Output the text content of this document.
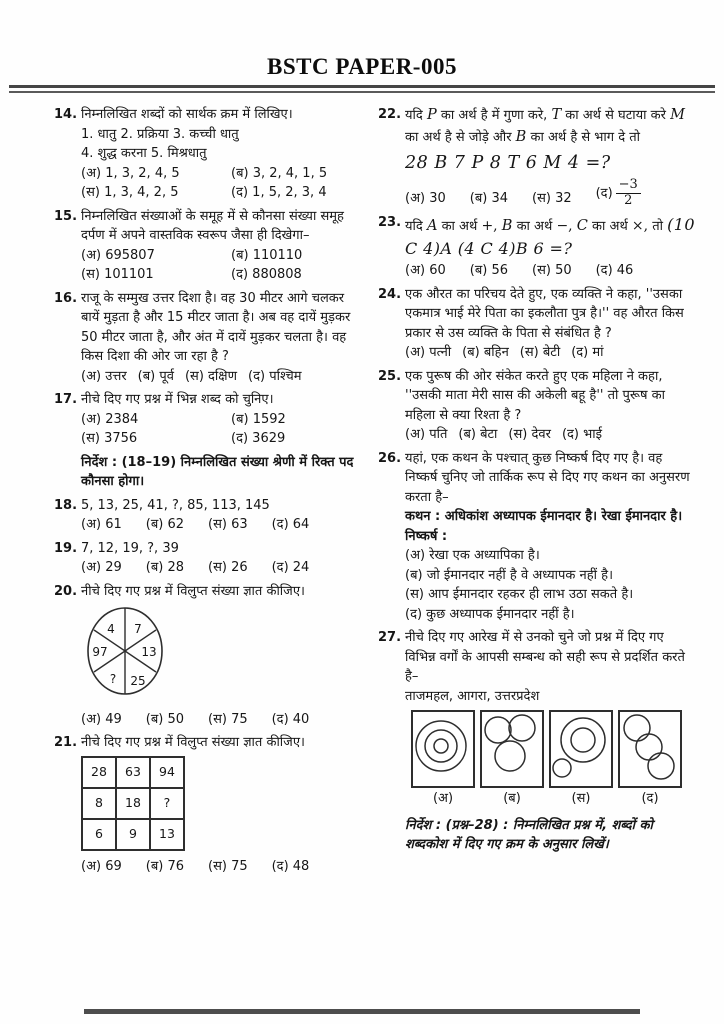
BSTC PAPER-005
14. निम्नलिखित शब्दों को सार्थक क्रम में लिखिए।
1. धातु 2. प्रक्रिया 3. कच्ची धातु
4. शुद्ध करना 5. मिश्रधातु
(अ) 1, 3, 2, 4, 5	(ब) 3, 2, 4, 1, 5
(स) 1, 3, 4, 2, 5	(द) 1, 5, 2, 3, 4
15. निम्नलिखित संख्याओं के समूह में से कौनसा संख्या समूह दर्पण में अपने वास्तविक स्वरूप जैसा ही दिखेगा–
(अ) 695807	(ब) 110110
(स) 101101	(द) 880808
16. राजू के सम्मुख उत्तर दिशा है। वह 30 मीटर आगे चलकर बायें मुड़ता है और 15 मीटर जाता है। अब वह दायें मुड़कर 50 मीटर जाता है, और अंत में दायें मुड़कर चलता है। वह किस दिशा की ओर जा रहा है ?
(अ) उत्तर (ब) पूर्व (स) दक्षिण (द) पश्चिम
17. नीचे दिए गए प्रश्न में भिन्न शब्द को चुनिए।
(अ) 2384	(ब) 1592
(स) 3756	(द) 3629
निर्देश : (18–19) निम्नलिखित संख्या श्रेणी में रिक्त पद कौनसा होगा।
18. 5, 13, 25, 41, ?, 85, 113, 145
(अ) 61 (ब) 62 (स) 63 (द) 64
19. 7, 12, 19, ?, 39
(अ) 29 (ब) 28 (स) 26 (द) 24
20. नीचे दिए गए प्रश्न में विलुप्त संख्या ज्ञात कीजिए।
4 7
97	13
? 25
(अ) 49 (ब) 50 (स) 75 (द) 40
21. नीचे दिए गए प्रश्न में विलुप्त संख्या ज्ञात कीजिए।
28	63	94
8	18	?
6	9	13
(अ) 69 (ब) 76 (स) 75 (द) 48
22. यदि P का अर्थ है में गुणा करे, T का अर्थ से घटाया करे M का अर्थ है से जोड़े और B का अर्थ है से भाग दे तो
28 B 7 P 8 T 6 M 4 =?
(अ) 30 (ब) 34 (स) 32 (द) $\frac{-3}{2}$
23. यदि A का अर्थ +, B का अर्थ −, C का अर्थ ×, तो (10 C 4)A (4 C 4)B 6 =?
(अ) 60 (ब) 56 (स) 50 (द) 46
24. एक औरत का परिचय देते हुए, एक व्यक्ति ने कहा, ''उसका एकमात्र भाई मेरे पिता का इकलौता पुत्र है।'' वह औरत किस प्रकार से उस व्यक्ति के पिता से संबंधित है ?
(अ) पत्नी (ब) बहिन (स) बेटी (द) मां
25. एक पुरूष की ओर संकेत करते हुए एक महिला ने कहा, ''उसकी माता मेरी सास की अकेली बहू है'' तो पुरूष का महिला से क्या रिश्ता है ?
(अ) पति (ब) बेटा (स) देवर (द) भाई
26. यहां, एक कथन के पश्चात् कुछ निष्कर्ष दिए गए है। वह निष्कर्ष चुनिए जो तार्किक रूप से दिए गए कथन का अनुसरण करता है–
कथन : अधिकांश अध्यापक ईमानदार है। रेखा ईमानदार है।
निष्कर्ष :
(अ) रेखा एक अध्यापिका है।
(ब) जो ईमानदार नहीं है वे अध्यापक नहीं है।
(स) आप ईमानदार रहकर ही लाभ उठा सकते है।
(द) कुछ अध्यापक ईमानदार नहीं है।
27. नीचे दिए गए आरेख में से उनको चुने जो प्रश्न में दिए गए विभिन्न वर्गों के आपसी सम्बन्ध को सही रूप से प्रदर्शित करते है–
ताजमहल, आगरा, उत्तरप्रदेश
(अ)	(ब)	(स)	(द)
निर्देश : (प्रश्न–28) : निम्नलिखित प्रश्न में, शब्दों को शब्दकोश में दिए गए क्रम के अनुसार लिखें।
